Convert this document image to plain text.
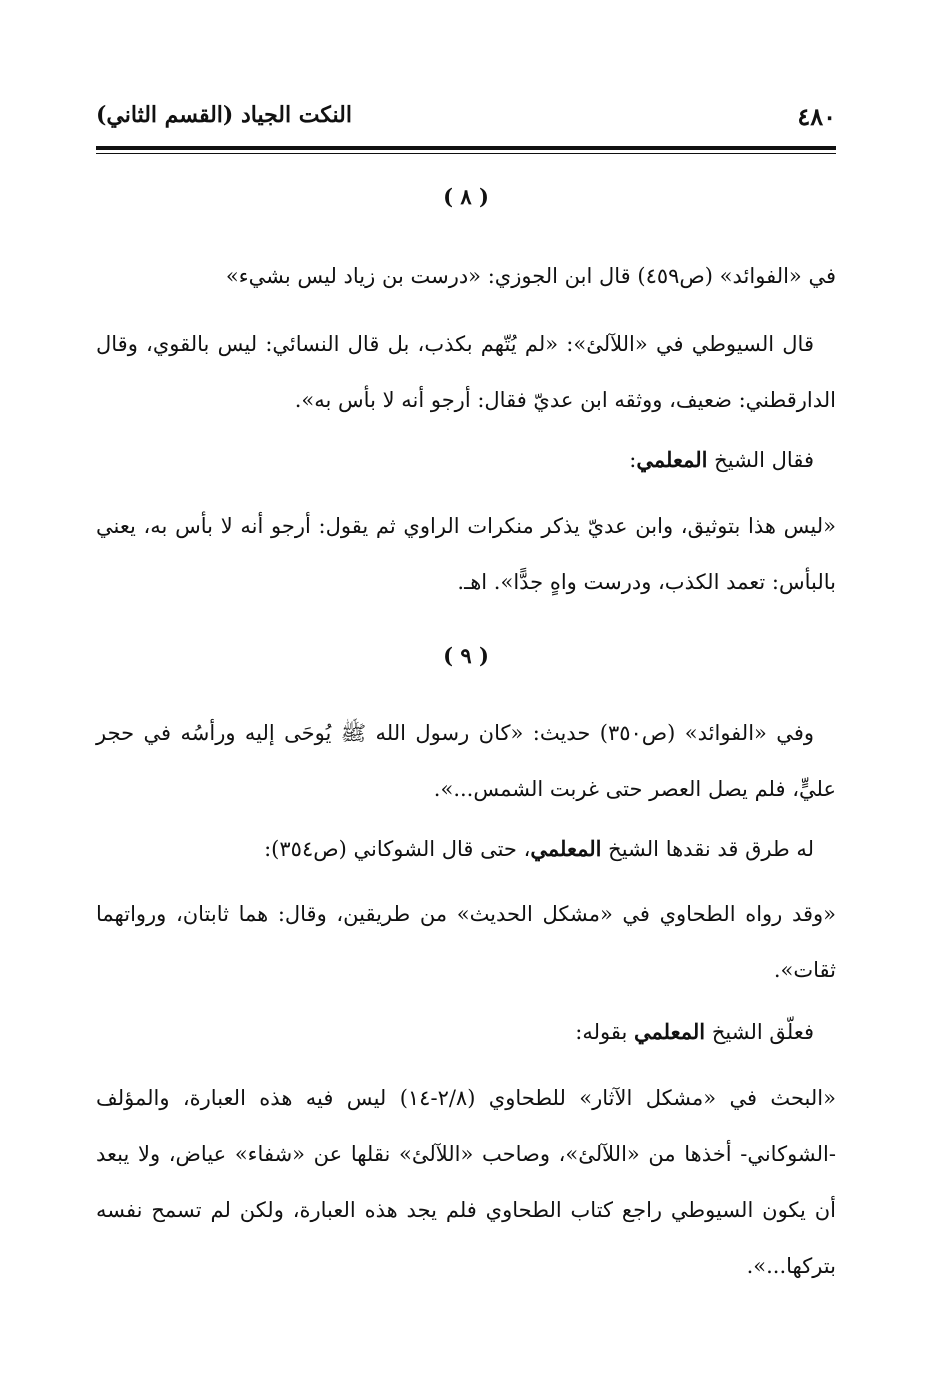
٤٨٠
النكت الجياد (القسم الثاني)
( ٨ )

في «الفوائد» (ص٤٥٩) قال ابن الجوزي: «درست بن زياد ليس بشيء»

قال السيوطي في «اللآلئ»: «لم يُتّهم بكذب، بل قال النسائي: ليس بالقوي، وقال الدارقطني: ضعيف، ووثقه ابن عديّ فقال: أرجو أنه لا بأس به».

فقال الشيخ المعلمي:

«ليس هذا بتوثيق، وابن عديّ يذكر منكرات الراوي ثم يقول: أرجو أنه لا بأس به، يعني بالبأس: تعمد الكذب، ودرست واهٍ جدًّا». اهـ.

( ٩ )

وفي «الفوائد» (ص٣٥٠) حديث: «كان رسول الله ﷺ يُوحَى إليه ورأسُه في حجر عليٍّ، فلم يصل العصر حتى غربت الشمس...».

له طرق قد نقدها الشيخ المعلمي، حتى قال الشوكاني (ص٣٥٤):

«وقد رواه الطحاوي في «مشكل الحديث» من طريقين، وقال: هما ثابتان، ورواتهما ثقات».

فعلّق الشيخ المعلمي بقوله:

«البحث في «مشكل الآثار» للطحاوي (٢/٨-١٤) ليس فيه هذه العبارة، والمؤلف -الشوكاني- أخذها من «اللآلئ»، وصاحب «اللآلئ» نقلها عن «شفاء» عياض، ولا يبعد أن يكون السيوطي راجع كتاب الطحاوي فلم يجد هذه العبارة، ولكن لم تسمح نفسه بتركها...».
